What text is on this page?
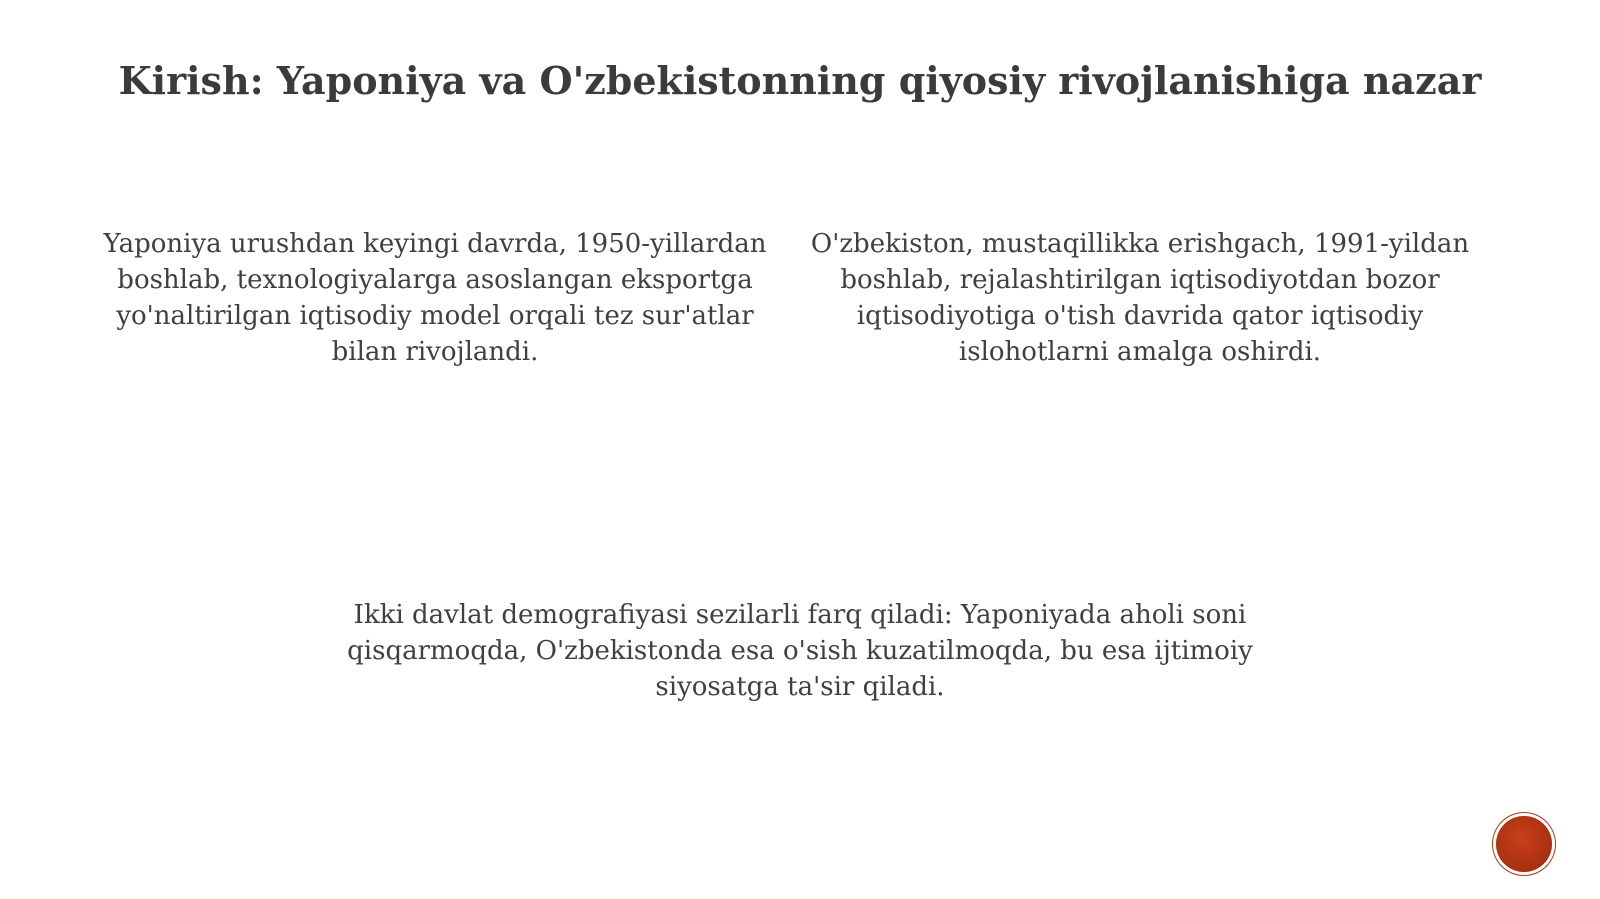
Kirish: Yaponiya va O'zbekistonning qiyosiy rivojlanishiga nazar
Yaponiya urushdan keyingi davrda, 1950-yillardan boshlab, texnologiyalarga asoslangan eksportga yo'naltirilgan iqtisodiy model orqali tez sur'atlar bilan rivojlandi.
O'zbekiston, mustaqillikka erishgach, 1991-yildan boshlab, rejalashtirilgan iqtisodiyotdan bozor iqtisodiyotiga o'tish davrida qator iqtisodiy islohotlarni amalga oshirdi.
Ikki davlat demografiyasi sezilarli farq qiladi: Yaponiyada aholi soni qisqarmoqda, O'zbekistonda esa o'sish kuzatilmoqda, bu esa ijtimoiy siyosatga ta'sir qiladi.
